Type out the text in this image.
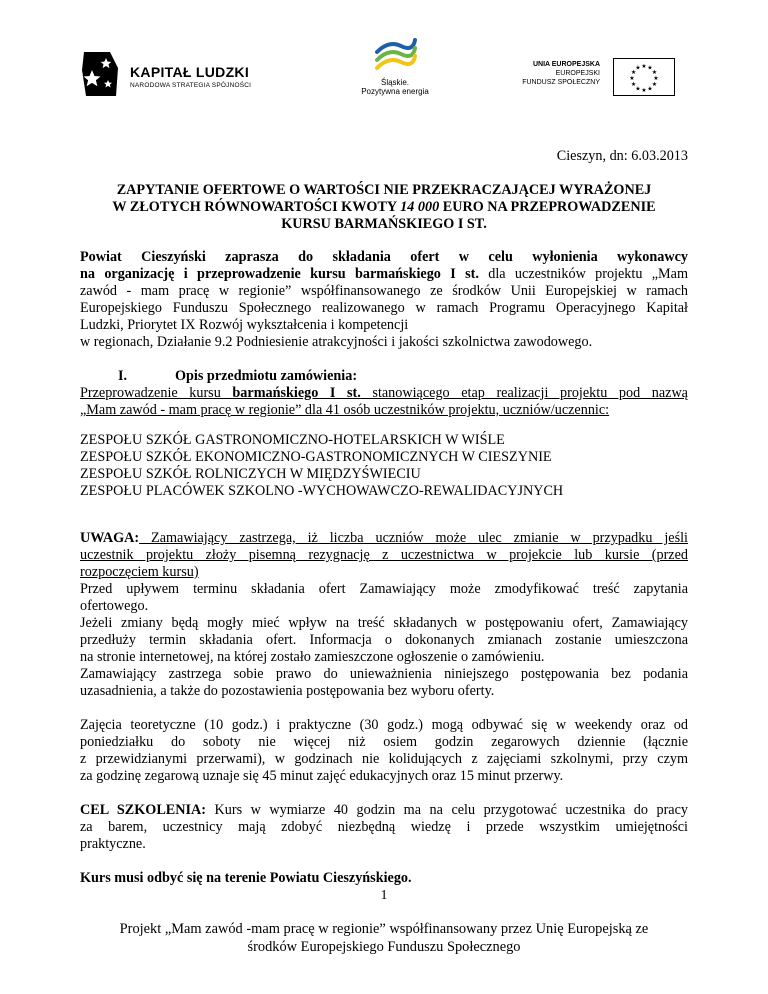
KAPITAŁ LUDZKI
NARODOWA STRATEGIA SPÓJNOŚCI	Śląskie.
Pozytywna energia
UNIA EUROPEJSKA
EUROPEJSKI
FUNDUSZ SPOŁECZNY
★ ★
★
★
★
★
★
★
★
★
★
★
Cieszyn, dn: 6.03.2013
ZAPYTANIE OFERTOWE O WARTOŚCI NIE PRZEKRACZAJĄCEJ WYRAŻONEJ
W ZŁOTYCH RÓWNOWARTOŚCI KWOTY 14 000 EURO NA PRZEPROWADZENIE
KURSU BARMAŃSKIEGO I ST.
Powiat Cieszyński zaprasza do składania ofert w celu wyłonienia wykonawcy
na organizację i przeprowadzenie kursu barmańskiego I st. dla uczestników projektu „Mam
zawód - mam pracę w regionie” współfinansowanego ze środków Unii Europejskiej w ramach
Europejskiego Funduszu Społecznego realizowanego w ramach Programu Operacyjnego Kapitał
Ludzki, Priorytet IX Rozwój wykształcenia i kompetencji
w regionach, Działanie 9.2 Podniesienie atrakcyjności i jakości szkolnictwa zawodowego.
I.	Opis przedmiotu zamówienia:
Przeprowadzenie kursu barmańskiego I st. stanowiącego etap realizacji projektu pod nazwą
„Mam zawód - mam pracę w regionie” dla 41 osób uczestników projektu, uczniów/uczennic:
ZESPOŁU SZKÓŁ GASTRONOMICZNO-HOTELARSKICH W WIŚLE
ZESPOŁU SZKÓŁ EKONOMICZNO-GASTRONOMICZNYCH W CIESZYNIE
ZESPOŁU SZKÓŁ ROLNICZYCH W MIĘDZYŚWIECIU
ZESPOŁU PLACÓWEK SZKOLNO -WYCHOWAWCZO-REWALIDACYJNYCH
UWAGA: Zamawiający zastrzega, iż liczba uczniów może ulec zmianie w przypadku jeśli
uczestnik projektu złoży pisemną rezygnację z uczestnictwa w projekcie lub kursie (przed
rozpoczęciem kursu)
Przed upływem terminu składania ofert Zamawiający może zmodyfikować treść zapytania
ofertowego.
Jeżeli zmiany będą mogły mieć wpływ na treść składanych w postępowaniu ofert, Zamawiający
przedłuży termin składania ofert. Informacja o dokonanych zmianach zostanie umieszczona
na stronie internetowej, na której zostało zamieszczone ogłoszenie o zamówieniu.
Zamawiający zastrzega sobie prawo do unieważnienia niniejszego postępowania bez podania
uzasadnienia, a także do pozostawienia postępowania bez wyboru oferty.
Zajęcia teoretyczne (10 godz.) i praktyczne (30 godz.) mogą odbywać się w weekendy oraz od
poniedziałku do soboty nie więcej niż osiem godzin zegarowych dziennie (łącznie
z przewidzianymi przerwami), w godzinach nie kolidujących z zajęciami szkolnymi, przy czym
za godzinę zegarową uznaje się 45 minut zajęć edukacyjnych oraz 15 minut przerwy.
CEL SZKOLENIA: Kurs w wymiarze 40 godzin ma na celu przygotować uczestnika do pracy
za barem, uczestnicy mają zdobyć niezbędną wiedzę i przede wszystkim umiejętności
praktyczne.
Kurs musi odbyć się na terenie Powiatu Cieszyńskiego.
1
Projekt „Mam zawód -mam pracę w regionie” współfinansowany przez Unię Europejską ze
środków Europejskiego Funduszu Społecznego
